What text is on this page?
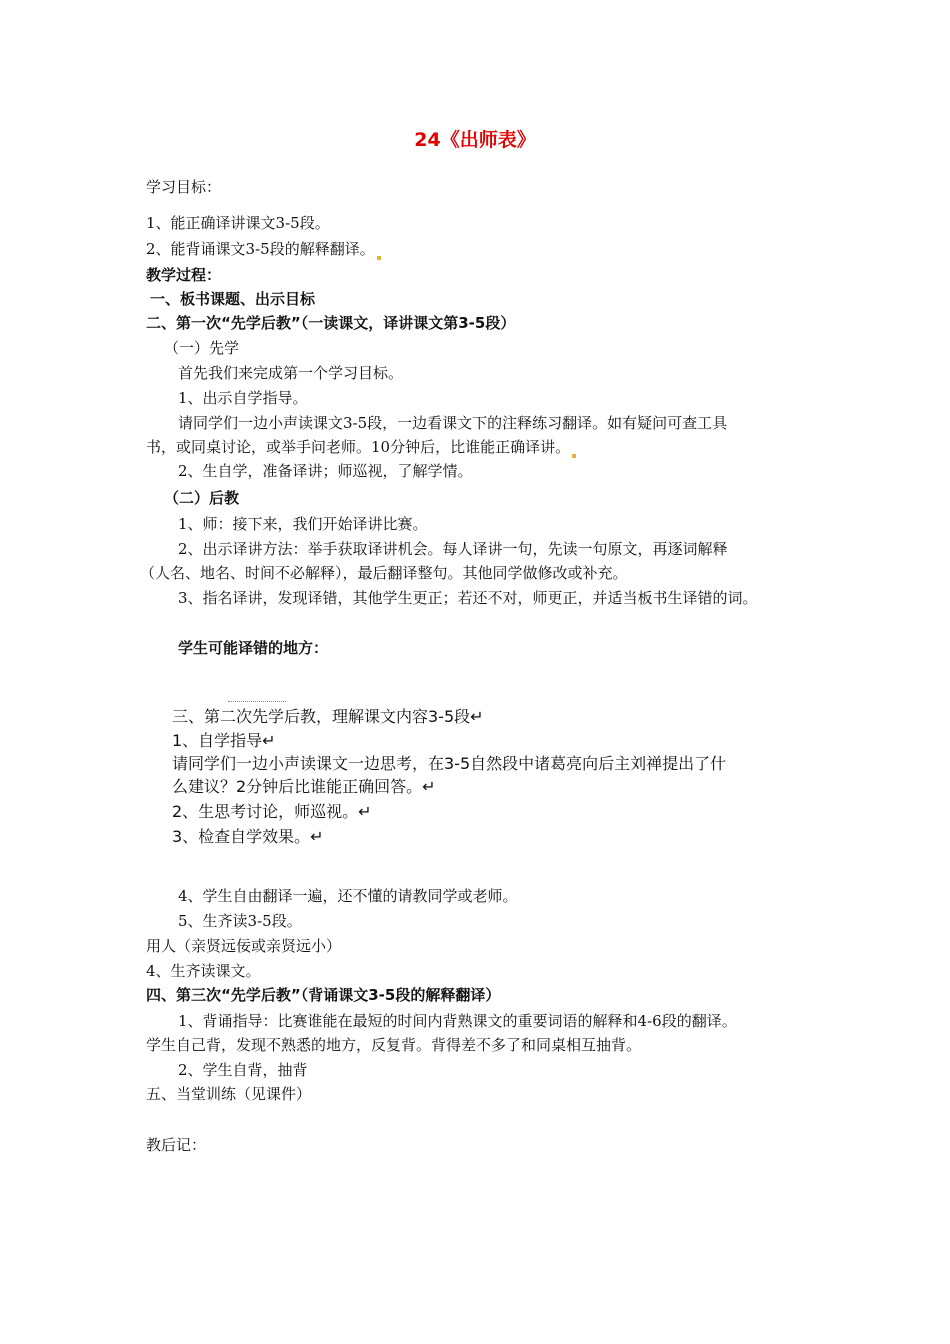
24《出师表》
学习目标：
1、能正确译讲课文3-5段。
2、能背诵课文3-5段的解释翻译。
教学过程：
一、板书课题、出示目标
二、第一次“先学后教”（一读课文，译讲课文第3-5段）
（一）先学
首先我们来完成第一个学习目标。
1、出示自学指导。
请同学们一边小声读课文3-5段，一边看课文下的注释练习翻译。如有疑问可查工具
书，或同桌讨论，或举手问老师。10分钟后，比谁能正确译讲。
2、生自学，准备译讲；师巡视，了解学情。
（二）后教
1、师：接下来，我们开始译讲比赛。
2、出示译讲方法：举手获取译讲机会。每人译讲一句，先读一句原文，再逐词解释
（人名、地名、时间不必解释），最后翻译整句。其他同学做修改或补充。
3、指名译讲，发现译错，其他学生更正；若还不对，师更正，并适当板书生译错的词。
学生可能译错的地方：
三、第二次先学后教，理解课文内容3-5段↵
1、自学指导↵
请同学们一边小声读课文一边思考，在3-5自然段中诸葛亮向后主刘禅提出了什
么建议？2分钟后比谁能正确回答。↵
2、生思考讨论，师巡视。↵
3、检查自学效果。↵
4、学生自由翻译一遍，还不懂的请教同学或老师。
5、生齐读3-5段。
用人（亲贤远佞或亲贤远小）
4、生齐读课文。
四、第三次“先学后教”（背诵课文3-5段的解释翻译）
1、背诵指导：比赛谁能在最短的时间内背熟课文的重要词语的解释和4-6段的翻译。
学生自己背，发现不熟悉的地方，反复背。背得差不多了和同桌相互抽背。
2、学生自背，抽背
五、当堂训练（见课件）
教后记：
